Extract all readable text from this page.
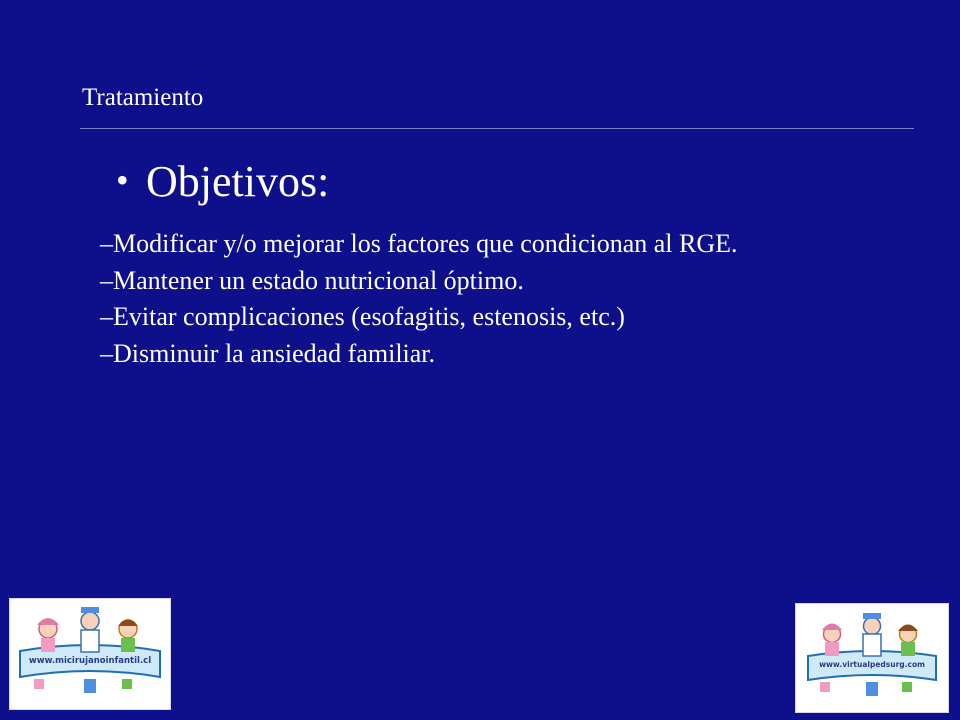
Tratamiento
• Objetivos:
–Modificar y/o mejorar los factores que condicionan al RGE.
–Mantener un estado nutricional óptimo.
–Evitar complicaciones (esofagitis, estenosis, etc.)
–Disminuir la ansiedad familiar.
www.micirujanoinfantil.cl	www.virtualpedsurg.com
